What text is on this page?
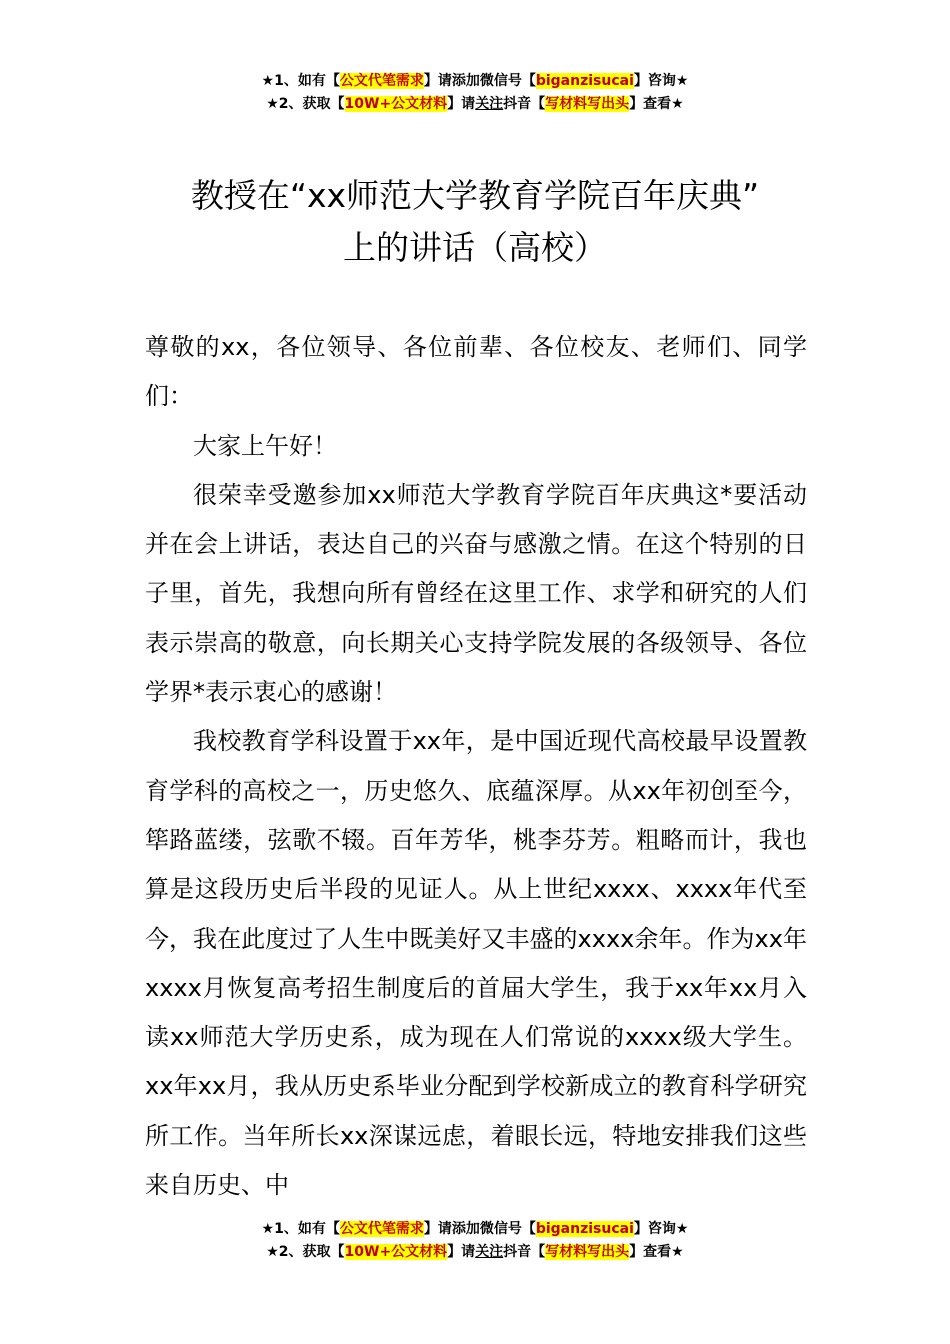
★1、如有【公文代笔需求】请添加微信号【biganzisucai】咨询★
★2、获取【10W+公文材料】请关注抖音【写材料写出头】查看★
教授在“xx师范大学教育学院百年庆典”
上的讲话（高校）

尊敬的xx，各位领导、各位前辈、各位校友、老师们、同学们：

大家上午好！

很荣幸受邀参加xx师范大学教育学院百年庆典这*要活动并在会上讲话，表达自己的兴奋与感激之情。在这个特别的日子里，首先，我想向所有曾经在这里工作、求学和研究的人们表示崇高的敬意，向长期关心支持学院发展的各级领导、各位学界*表示衷心的感谢！

我校教育学科设置于xx年，是中国近现代高校最早设置教育学科的高校之一，历史悠久、底蕴深厚。从xx年初创至今，筚路蓝缕，弦歌不辍。百年芳华，桃李芬芳。粗略而计，我也算是这段历史后半段的见证人。从上世纪xxxx、xxxx年代至今，我在此度过了人生中既美好又丰盛的xxxx余年。作为xx年xxxx月恢复高考招生制度后的首届大学生，我于xx年xx月入读xx师范大学历史系，成为现在人们常说的xxxx级大学生。xx年xx月，我从历史系毕业分配到学校新成立的教育科学研究所工作。当年所长xx深谋远虑，着眼长远，特地安排我们这些来自历史、中

★1、如有【公文代笔需求】请添加微信号【biganzisucai】咨询★
★2、获取【10W+公文材料】请关注抖音【写材料写出头】查看★
